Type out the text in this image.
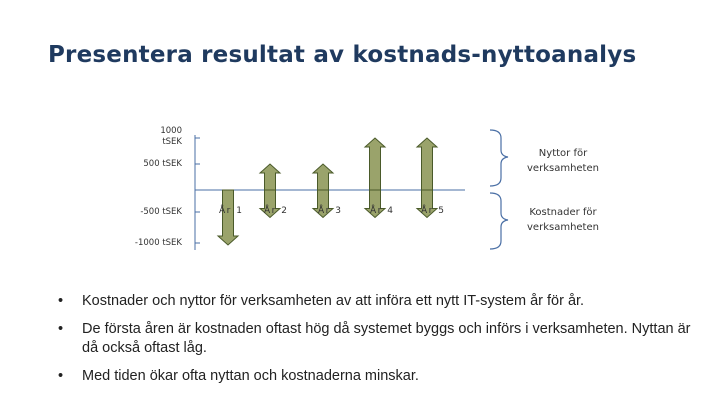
Presentera resultat av kostnads-nyttoanalys
1000 tSEK
500 tSEK
-500 tSEK
-1000 tSEK
År 1 År 2	År 3	År 4	År 5
Nyttor för verksamheten
Kostnader för verksamheten
• Kostnader och nyttor för verksamheten av att införa ett nytt IT-system år för år.
• De första åren är kostnaden oftast hög då systemet byggs och införs i verksamheten. Nyttan är då också oftast låg.
• Med tiden ökar ofta nyttan och kostnaderna minskar.
